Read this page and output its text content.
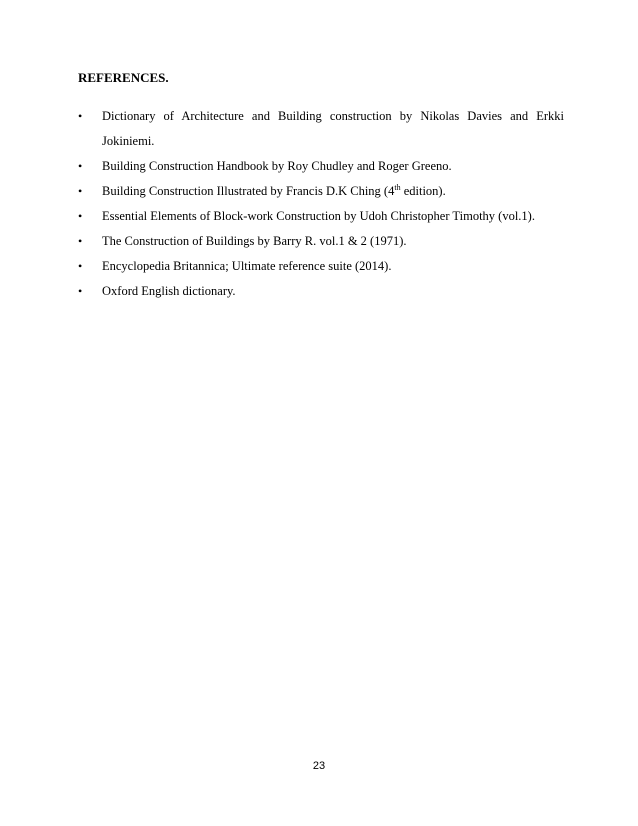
REFERENCES.
•	Dictionary of Architecture and Building construction by Nikolas Davies and Erkki Jokiniemi.
•	Building Construction Handbook by Roy Chudley and Roger Greeno.
•	Building Construction Illustrated by Francis D.K Ching (4th edition).
•	Essential Elements of Block-work Construction by Udoh Christopher Timothy (vol.1).
•	The Construction of Buildings by Barry R. vol.1 & 2 (1971).
•	Encyclopedia Britannica; Ultimate reference suite (2014).
•	Oxford English dictionary.
23
